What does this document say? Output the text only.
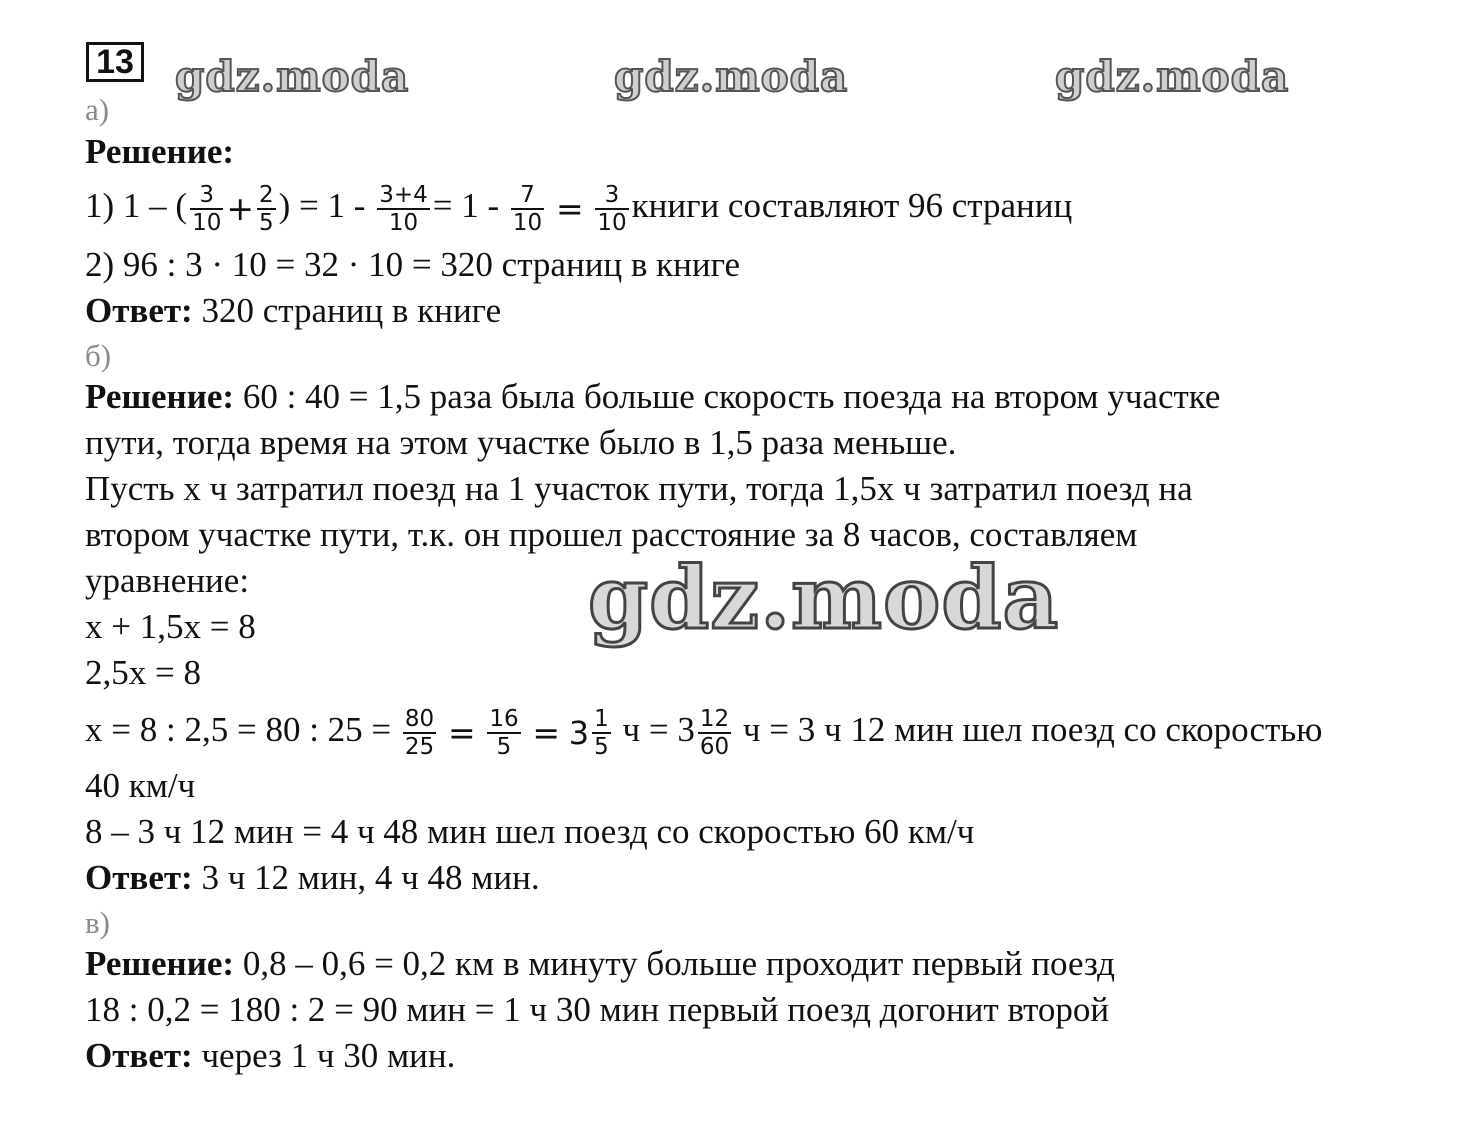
13 gdz.moda	gdz.moda	gdz.moda
а)
Решение:
1) 1 – ( $\frac{3}{10} + \frac{2}{5}$ ) = $1 - \frac{3+4}{10} = 1 - \frac{7}{10} = \frac{3}{10}$ книги составляют 96 страниц
2) 96 : 3 · 10 = 32 · 10 = 320 страниц в книге
Ответ: 320 страниц в книге
б)
Решение: 60 : 40 = 1,5 раза была больше скорость поезда на втором участке
пути, тогда время на этом участке было в 1,5 раза меньше.
Пусть х ч затратил поезд на 1 участок пути, тогда 1,5х ч затратил поезд на
втором участке пути, т.к. он прошел расстояние за 8 часов, составляем
уравнение:
х + 1,5х = 8
2,5х = 8
х = 8 : 2,5 = 80 : $25 = \frac{80}{25} = \frac{16}{5} = 3 \frac{1}{5}$ $ч = 3 \frac{12}{60}$ ч = 3 ч 12 мин шел поезд со скоростью
40 км/ч
8 – 3 ч 12 мин = 4 ч 48 мин шел поезд со скоростью 60 км/ч
Ответ: 3 ч 12 мин, 4 ч 48 мин.
в)
Решение: 0,8 – 0,6 = 0,2 км в минуту больше проходит первый поезд
18 : 0,2 = 180 : 2 = 90 мин = 1 ч 30 мин первый поезд догонит второй
Ответ: через 1 ч 30 мин.
gdz.moda
